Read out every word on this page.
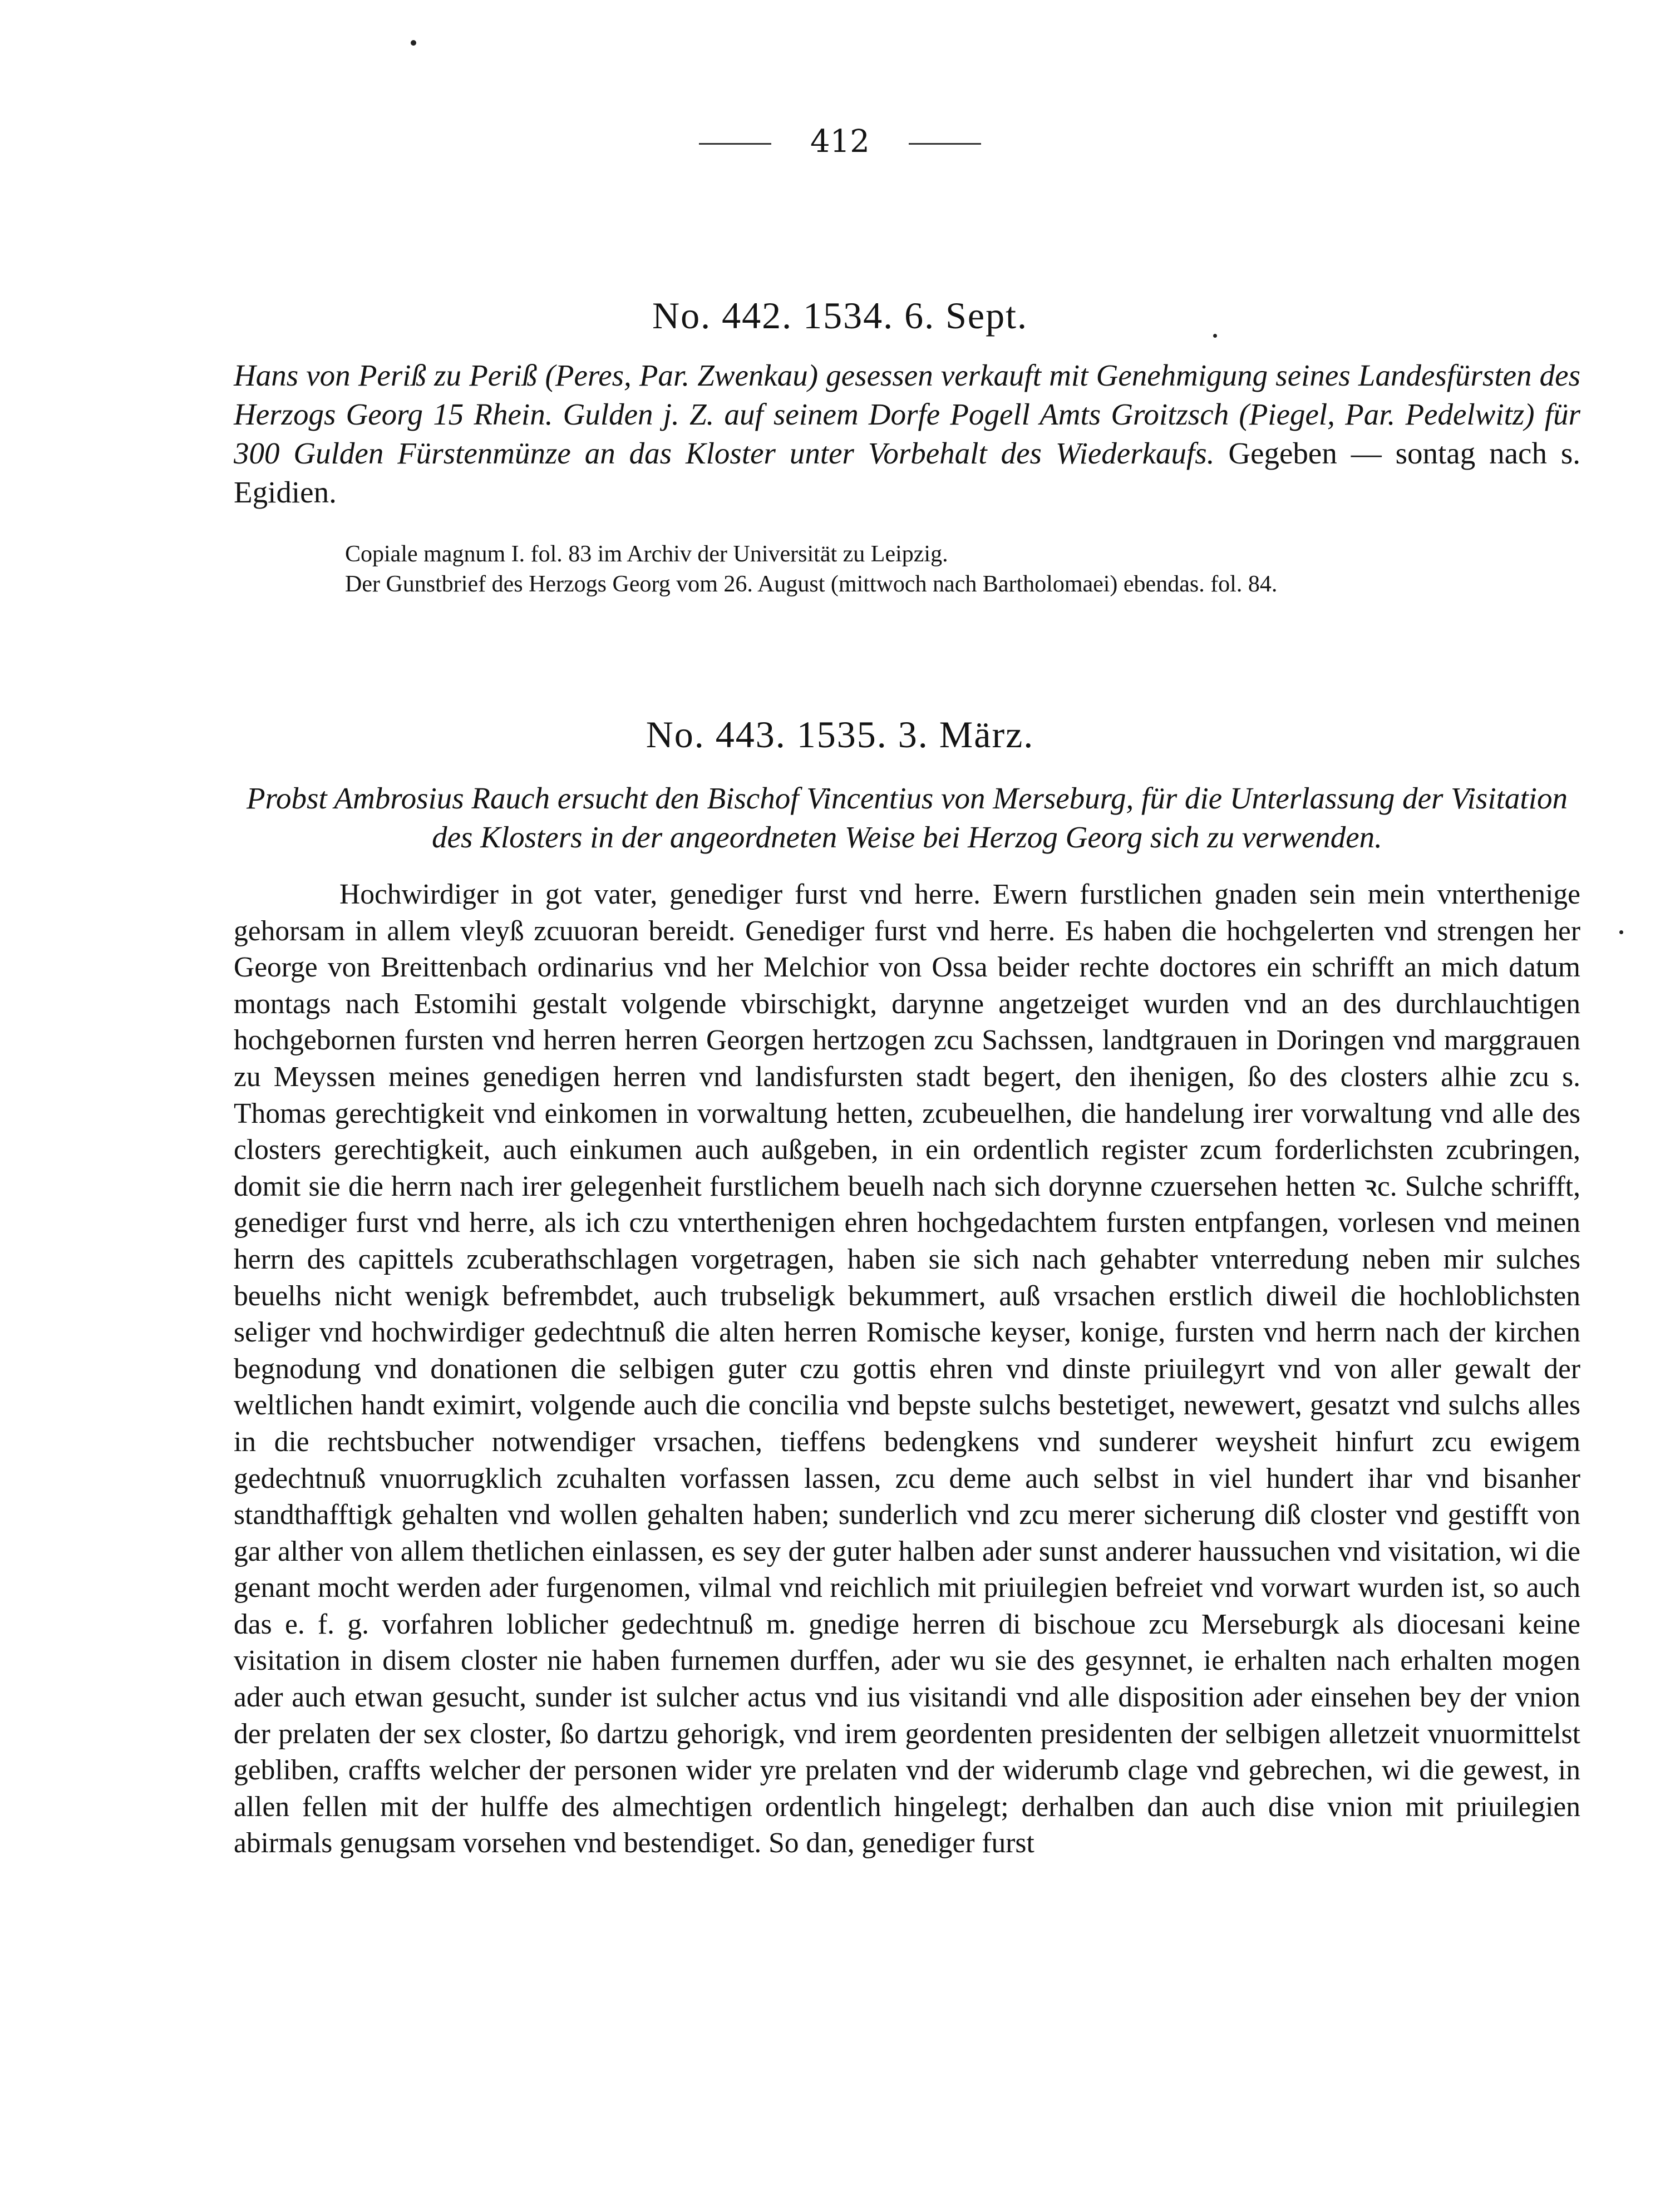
412
No. 442. 1534. 6. Sept.
Hans von Periß zu Periß (Peres, Par. Zwenkau) gesessen verkauft mit Genehmigung seines Landesfürsten des Herzogs Georg 15 Rhein. Gulden j. Z. auf seinem Dorfe Pogell Amts Groitzsch (Piegel, Par. Pedelwitz) für 300 Gulden Fürstenmünze an das Kloster unter Vorbehalt des Wiederkaufs. Gegeben — sontag nach s. Egidien.
Copiale magnum I. fol. 83 im Archiv der Universität zu Leipzig.
Der Gunstbrief des Herzogs Georg vom 26. August (mittwoch nach Bartholomaei) ebendas. fol. 84.
No. 443. 1535. 3. März.
Probst Ambrosius Rauch ersucht den Bischof Vincentius von Merseburg, für die Unterlassung der Visitation des Klosters in der angeordneten Weise bei Herzog Georg sich zu verwenden.
Hochwirdiger in got vater, genediger furst vnd herre. Ewern furstlichen gnaden sein mein vnterthenige gehorsam in allem vleyß zcuuoran bereidt. Genediger furst vnd herre. Es haben die hochgelerten vnd strengen her George von Breittenbach ordinarius vnd her Melchior von Ossa beider rechte doctores ein schrifft an mich datum montags nach Estomihi gestalt volgende vbirschigkt, darynne angetzeiget wurden vnd an des durchlauchtigen hochgebornen fursten vnd herren herren Georgen hertzogen zcu Sachssen, landtgrauen in Doringen vnd marggrauen zu Meyssen meines genedigen herren vnd landisfursten stadt begert, den ihenigen, ßo des closters alhie zcu s. Thomas gerechtigkeit vnd einkomen in vorwaltung hetten, zcubeuelhen, die handelung irer vorwaltung vnd alle des closters gerechtigkeit, auch einkumen auch außgeben, in ein ordentlich register zcum forderlichsten zcubringen, domit sie die herrn nach irer gelegenheit furstlichem beuelh nach sich dorynne czuersehen hetten ꝛc. Sulche schrifft, genediger furst vnd herre, als ich czu vnterthenigen ehren hochgedachtem fursten entpfangen, vorlesen vnd meinen herrn des capittels zcuberathschlagen vorgetragen, haben sie sich nach gehabter vnterredung neben mir sulches beuelhs nicht wenigk befrembdet, auch trubseligk bekummert, auß vrsachen erstlich diweil die hochloblichsten seliger vnd hochwirdiger gedechtnuß die alten herren Romische keyser, konige, fursten vnd herrn nach der kirchen begnodung vnd donationen die selbigen guter czu gottis ehren vnd dinste priuilegyrt vnd von aller gewalt der weltlichen handt eximirt, volgende auch die concilia vnd bepste sulchs bestetiget, newewert, gesatzt vnd sulchs alles in die rechtsbucher notwendiger vrsachen, tieffens bedengkens vnd sunderer weysheit hinfurt zcu ewigem gedechtnuß vnuorrugklich zcuhalten vorfassen lassen, zcu deme auch selbst in viel hundert ihar vnd bisanher standthafftigk gehalten vnd wollen gehalten haben; sunderlich vnd zcu merer sicherung diß closter vnd gestifft von gar alther von allem thetlichen einlassen, es sey der guter halben ader sunst anderer haussuchen vnd visitation, wi die genant mocht werden ader furgenomen, vilmal vnd reichlich mit priuilegien befreiet vnd vorwart wurden ist, so auch das e. f. g. vorfahren loblicher gedechtnuß m. gnedige herren di bischoue zcu Merseburgk als diocesani keine visitation in disem closter nie haben furnemen durffen, ader wu sie des gesynnet, ie erhalten nach erhalten mogen ader auch etwan gesucht, sunder ist sulcher actus vnd ius visitandi vnd alle disposition ader einsehen bey der vnion der prelaten der sex closter, ßo dartzu gehorigk, vnd irem geordenten presidenten der selbigen alletzeit vnuormittelst gebliben, craffts welcher der personen wider yre prelaten vnd der widerumb clage vnd gebrechen, wi die gewest, in allen fellen mit der hulffe des almechtigen ordentlich hingelegt; derhalben dan auch dise vnion mit priuilegien abirmals genugsam vorsehen vnd bestendiget. So dan, genediger furst
